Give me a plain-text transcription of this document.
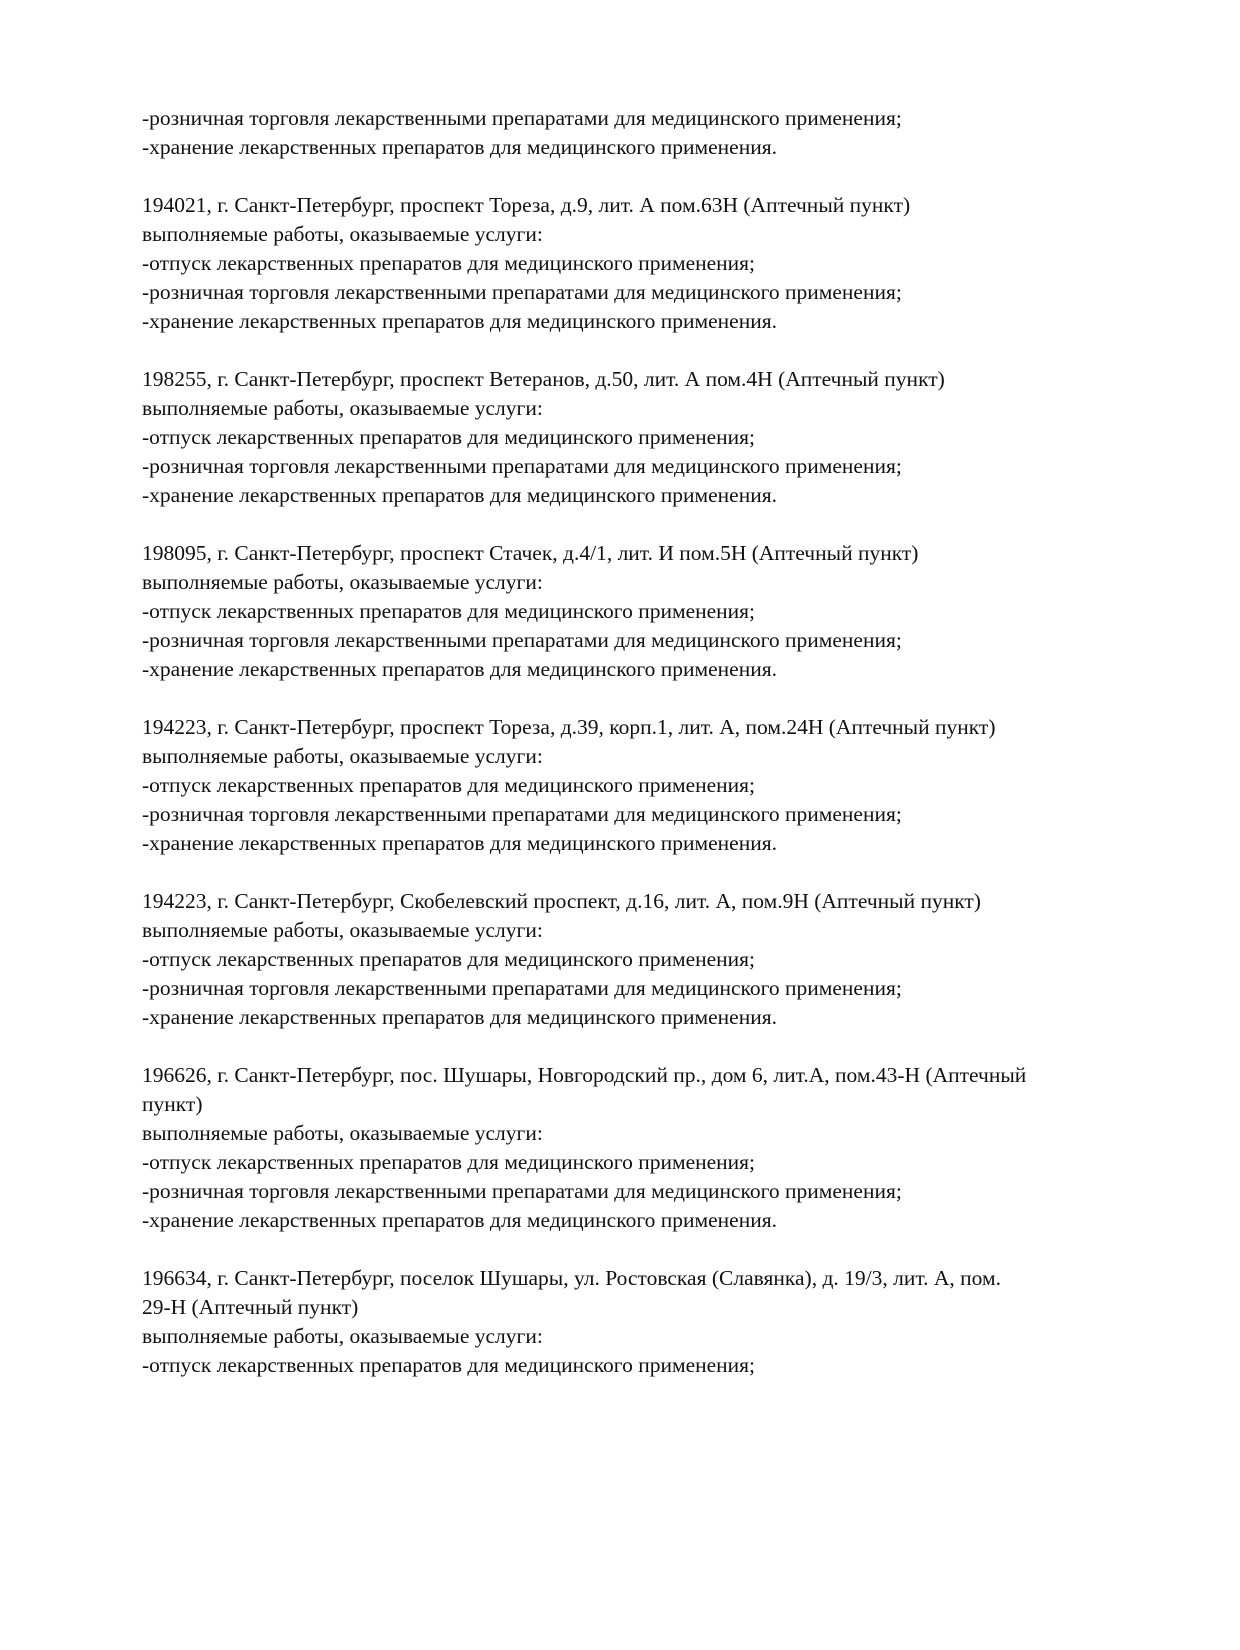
-розничная торговля лекарственными препаратами для медицинского применения;
-хранение лекарственных препаратов для медицинского применения.
194021, г. Санкт-Петербург, проспект Тореза, д.9, лит. А пом.63Н (Аптечный пункт)
выполняемые работы, оказываемые услуги:
-отпуск лекарственных препаратов для медицинского применения;
-розничная торговля лекарственными препаратами для медицинского применения;
-хранение лекарственных препаратов для медицинского применения.
198255, г. Санкт-Петербург, проспект Ветеранов, д.50, лит. А пом.4Н (Аптечный пункт)
выполняемые работы, оказываемые услуги:
-отпуск лекарственных препаратов для медицинского применения;
-розничная торговля лекарственными препаратами для медицинского применения;
-хранение лекарственных препаратов для медицинского применения.
198095, г. Санкт-Петербург, проспект Стачек, д.4/1, лит. И пом.5Н (Аптечный пункт)
выполняемые работы, оказываемые услуги:
-отпуск лекарственных препаратов для медицинского применения;
-розничная торговля лекарственными препаратами для медицинского применения;
-хранение лекарственных препаратов для медицинского применения.
194223, г. Санкт-Петербург, проспект Тореза, д.39, корп.1, лит. А, пом.24Н (Аптечный пункт)
выполняемые работы, оказываемые услуги:
-отпуск лекарственных препаратов для медицинского применения;
-розничная торговля лекарственными препаратами для медицинского применения;
-хранение лекарственных препаратов для медицинского применения.
194223, г. Санкт-Петербург, Скобелевский проспект, д.16, лит. А, пом.9Н (Аптечный пункт)
выполняемые работы, оказываемые услуги:
-отпуск лекарственных препаратов для медицинского применения;
-розничная торговля лекарственными препаратами для медицинского применения;
-хранение лекарственных препаратов для медицинского применения.
196626, г. Санкт-Петербург, пос. Шушары, Новгородский пр., дом 6, лит.А, пом.43-Н (Аптечный
пункт)
выполняемые работы, оказываемые услуги:
-отпуск лекарственных препаратов для медицинского применения;
-розничная торговля лекарственными препаратами для медицинского применения;
-хранение лекарственных препаратов для медицинского применения.
196634, г. Санкт-Петербург, поселок Шушары, ул. Ростовская (Славянка), д. 19/3, лит. А, пом.
29-Н (Аптечный пункт)
выполняемые работы, оказываемые услуги:
-отпуск лекарственных препаратов для медицинского применения;
